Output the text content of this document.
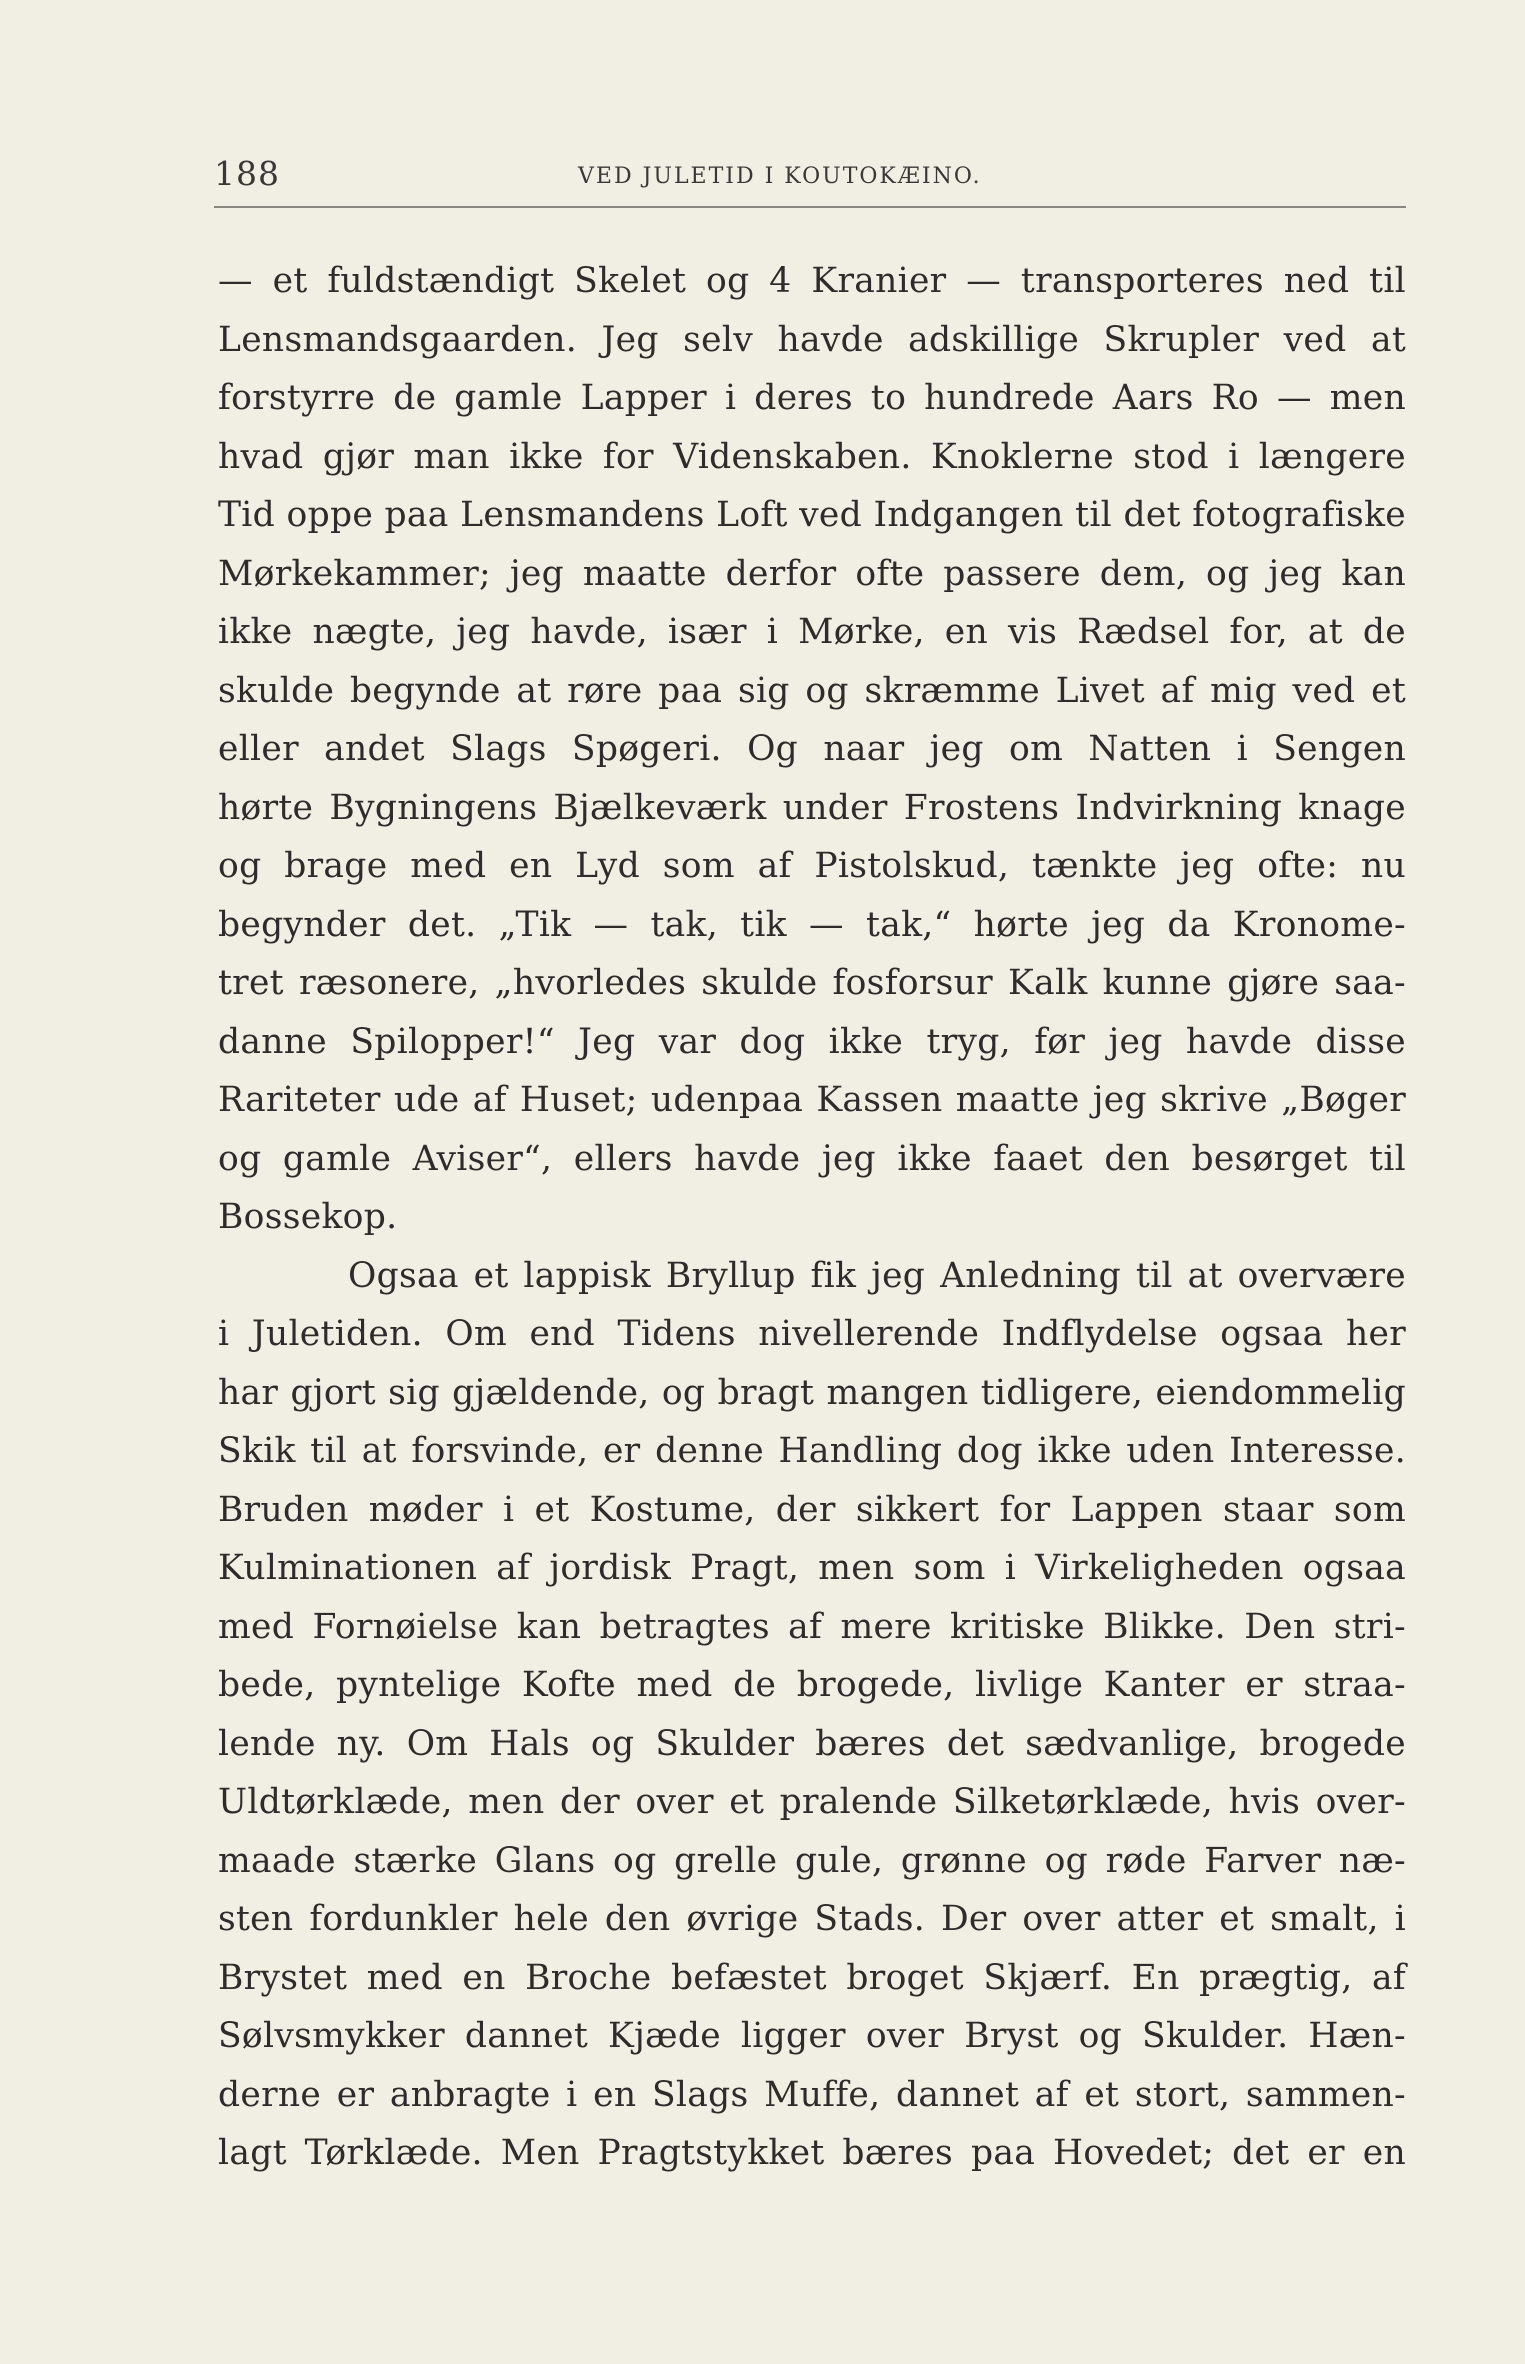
188	VED JULETID I KOUTOKÆINO.
— et fuldstændigt Skelet og 4 Kranier — transporteres ned til
Lensmandsgaarden. Jeg selv havde adskillige Skrupler ved at
forstyrre de gamle Lapper i deres to hundrede Aars Ro — men
hvad gjør man ikke for Videnskaben. Knoklerne stod i længere
Tid oppe paa Lensmandens Loft ved Indgangen til det fotografiske
Mørkekammer; jeg maatte derfor ofte passere dem, og jeg kan
ikke nægte, jeg havde, især i Mørke, en vis Rædsel for, at de
skulde begynde at røre paa sig og skræmme Livet af mig ved et
eller andet Slags Spøgeri. Og naar jeg om Natten i Sengen
hørte Bygningens Bjælkeværk under Frostens Indvirkning knage
og brage med en Lyd som af Pistolskud, tænkte jeg ofte: nu
begynder det. „Tik — tak, tik — tak,“ hørte jeg da Kronome-
tret ræsonere, „hvorledes skulde fosforsur Kalk kunne gjøre saa-
danne Spilopper!“ Jeg var dog ikke tryg, før jeg havde disse
Rariteter ude af Huset; udenpaa Kassen maatte jeg skrive „Bøger
og gamle Aviser“, ellers havde jeg ikke faaet den besørget til
Bossekop.
Ogsaa et lappisk Bryllup fik jeg Anledning til at overvære
i Juletiden. Om end Tidens nivellerende Indflydelse ogsaa her
har gjort sig gjældende, og bragt mangen tidligere, eiendommelig
Skik til at forsvinde, er denne Handling dog ikke uden Interesse.
Bruden møder i et Kostume, der sikkert for Lappen staar som
Kulminationen af jordisk Pragt, men som i Virkeligheden ogsaa
med Fornøielse kan betragtes af mere kritiske Blikke. Den stri-
bede, pyntelige Kofte med de brogede, livlige Kanter er straa-
lende ny. Om Hals og Skulder bæres det sædvanlige, brogede
Uldtørklæde, men der over et pralende Silketørklæde, hvis over-
maade stærke Glans og grelle gule, grønne og røde Farver næ-
sten fordunkler hele den øvrige Stads. Der over atter et smalt, i
Brystet med en Broche befæstet broget Skjærf. En prægtig, af
Sølvsmykker dannet Kjæde ligger over Bryst og Skulder. Hæn-
derne er anbragte i en Slags Muffe, dannet af et stort, sammen-
lagt Tørklæde. Men Pragtstykket bæres paa Hovedet; det er en
